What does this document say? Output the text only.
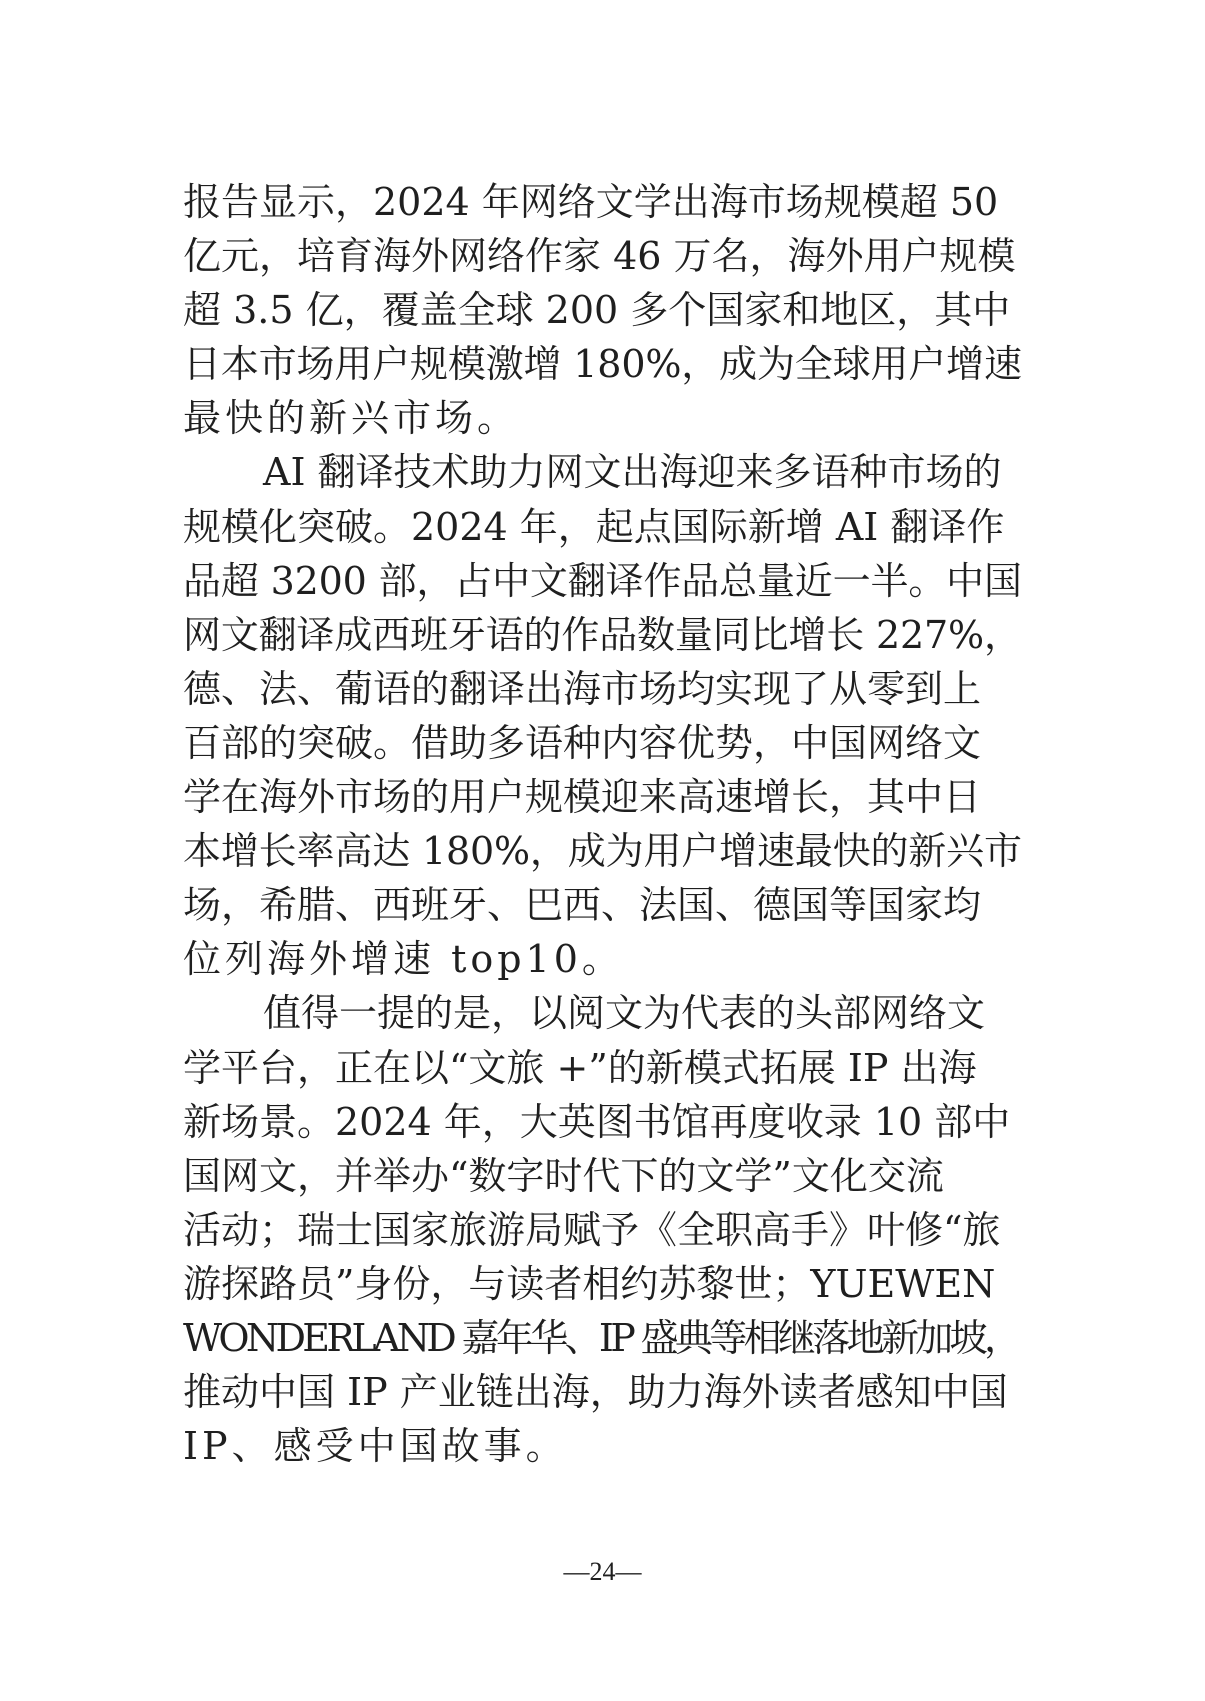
报告显示，2024 年网络文学出海市场规模超 50
亿元，培育海外网络作家 46 万名，海外用户规模
超 3.5 亿，覆盖全球 200 多个国家和地区，其中
日本市场用户规模激增 180%，成为全球用户增速
最快的新兴市场。
AI 翻译技术助力网文出海迎来多语种市场的
规模化突破。2024 年，起点国际新增 AI 翻译作
品超 3200 部，占中文翻译作品总量近一半。中国
网文翻译成西班牙语的作品数量同比增长 227%，
德、法、葡语的翻译出海市场均实现了从零到上
百部的突破。借助多语种内容优势，中国网络文
学在海外市场的用户规模迎来高速增长，其中日
本增长率高达 180%，成为用户增速最快的新兴市
场，希腊、西班牙、巴西、法国、德国等国家均
位列海外增速 top10。
值得一提的是，以阅文为代表的头部网络文
学平台，正在以“文旅 +”的新模式拓展 IP 出海
新场景。2024 年，大英图书馆再度收录 10 部中
国网文，并举办“数字时代下的文学”文化交流
活动；瑞士国家旅游局赋予《全职高手》叶修“旅
游探路员”身份，与读者相约苏黎世；YUEWEN
WONDERLAND 嘉年华、IP 盛典等相继落地新加坡，
推动中国 IP 产业链出海，助力海外读者感知中国
IP、感受中国故事。
—24—
